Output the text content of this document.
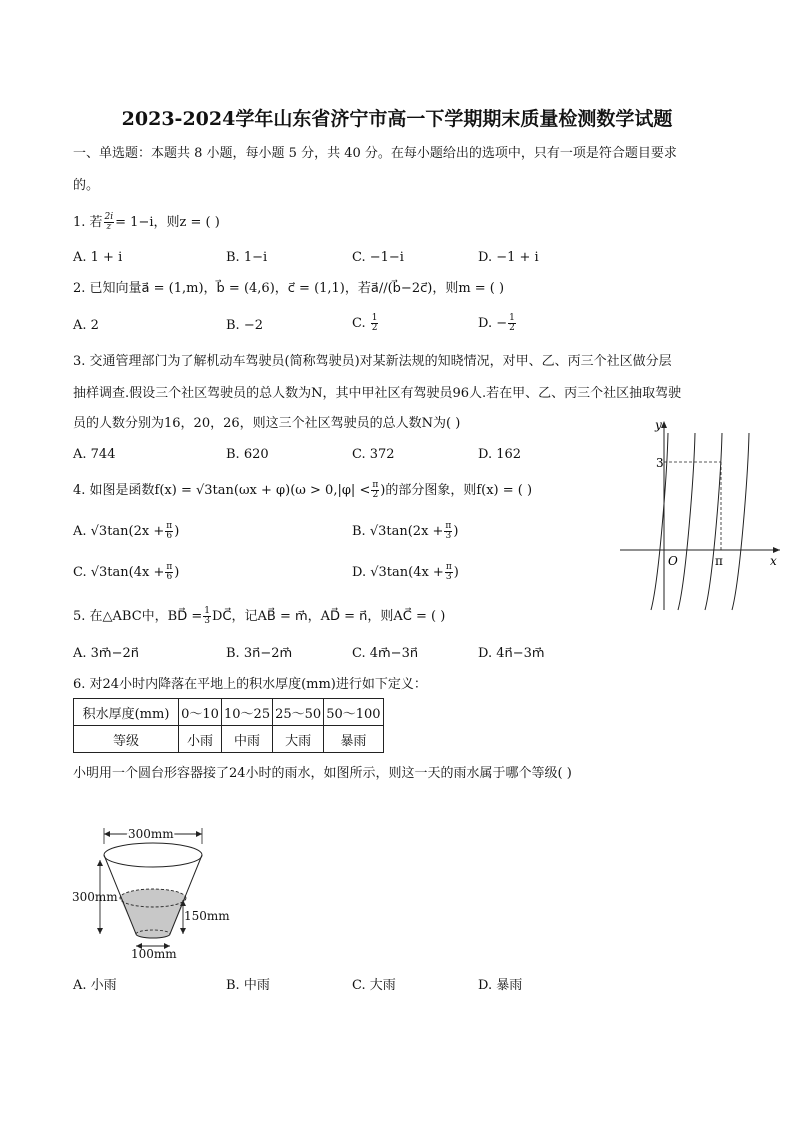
2023-2024学年山东省济宁市高一下学期期末质量检测数学试题
一、单选题：本题共 8 小题，每小题 5 分，共 40 分。在每小题给出的选项中，只有一项是符合题目要求
的。
1. 若 $\frac{2i}{z} = 1-i$，则z = ( )
A. 1 + i	B. 1−i	C. −1−i	D. −1 + i
2. 已知向量a⃗ = (1,m)，b⃗ = (4,6)，c⃗ = (1,1)，若a⃗//(b⃗−2c⃗)，则m = ( )
A. 2	B. −2	C. $\frac{1}{2}$	D. − $\frac{1}{2}$
3. 交通管理部门为了解机动车驾驶员(简称驾驶员)对某新法规的知晓情况，对甲、乙、丙三个社区做分层
抽样调查.假设三个社区驾驶员的总人数为N，其中甲社区有驾驶员96人.若在甲、乙、丙三个社区抽取驾驶
员的人数分别为16，20，26，则这三个社区驾驶员的总人数N为( )
A. 744	B. 620	C. 372	D. 162
4. 如图是函数$f(x) = √3\tan(\omega x + \varphi)(\omega > 0,|\varphi| < \frac{\pi}{2}$ )的部分图象，则f(x) = ( )
A. $√3\tan(2x + \frac{\pi}{6}$ )	B. $√3\tan(2x + \frac{\pi}{3}$ )
C. $√3\tan(4x + \frac{\pi}{6}$ )	D. $√3\tan(4x + \frac{\pi}{3}$ )
y
x
O
3
π
5. 在△ABC中，BD⃗ = $\frac{1}{3}$ DC⃗，记AB⃗ = m⃗，AD⃗ = n⃗，则AC⃗ = ( )
A. 3m⃗−2n⃗	B. 3n⃗−2m⃗	C. 4m⃗−3n⃗	D. 4n⃗−3m⃗
6. 对24小时内降落在平地上的积水厚度(mm)进行如下定义：
积水厚度(mm)	0～10	10～25	25～50	50～100
等级	小雨	中雨	大雨	暴雨
小明用一个圆台形容器接了24小时的雨水，如图所示，则这一天的雨水属于哪个等级( )
300mm
300mm
150mm
100mm
A. 小雨	B. 中雨	C. 大雨	D. 暴雨
